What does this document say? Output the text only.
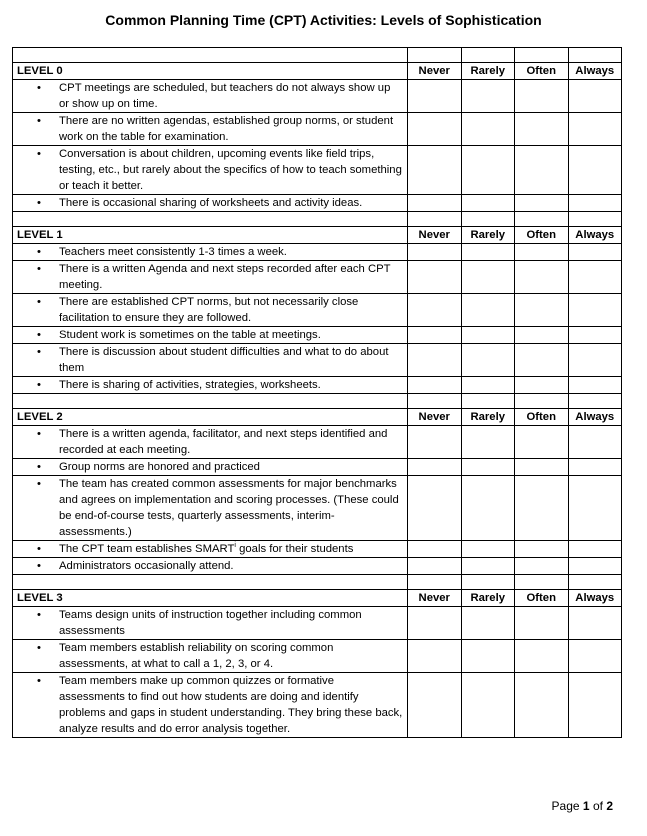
Common Planning Time (CPT) Activities: Levels of Sophistication

LEVEL 0	Never	Rarely	Often	Always
• CPT meetings are scheduled, but teachers do not always show up or show up on time.				
• There are no written agendas, established group norms, or student work on the table for examination.				
• Conversation is about children, upcoming events like field trips, testing, etc., but rarely about the specifics of how to teach something or teach it better.				
• There is occasional sharing of worksheets and activity ideas.				

LEVEL 1	Never	Rarely	Often	Always
• Teachers meet consistently 1-3 times a week.				
• There is a written Agenda and next steps recorded after each CPT meeting.				
• There are established CPT norms, but not necessarily close facilitation to ensure they are followed.				
• Student work is sometimes on the table at meetings.				
• There is discussion about student difficulties and what to do about them				
• There is sharing of activities, strategies, worksheets.				

LEVEL 2	Never	Rarely	Often	Always
• There is a written agenda, facilitator, and next steps identified and recorded at each meeting.				
• Group norms are honored and practiced				
• The team has created common assessments for major benchmarks and agrees on implementation and scoring processes. (These could be end-of-course tests, quarterly assessments, interim-assessments.)				
• The CPT team establishes SMART$^i$ goals for their students				
• Administrators occasionally attend.				

LEVEL 3	Never	Rarely	Often	Always
• Teams design units of instruction together including common assessments				
• Team members establish reliability on scoring common assessments, at what to call a 1, 2, 3, or 4.				
• Team members make up common quizzes or formative assessments to find out how students are doing and identify problems and gaps in student understanding. They bring these back, analyze results and do error analysis together.				
Page 1 of 2
